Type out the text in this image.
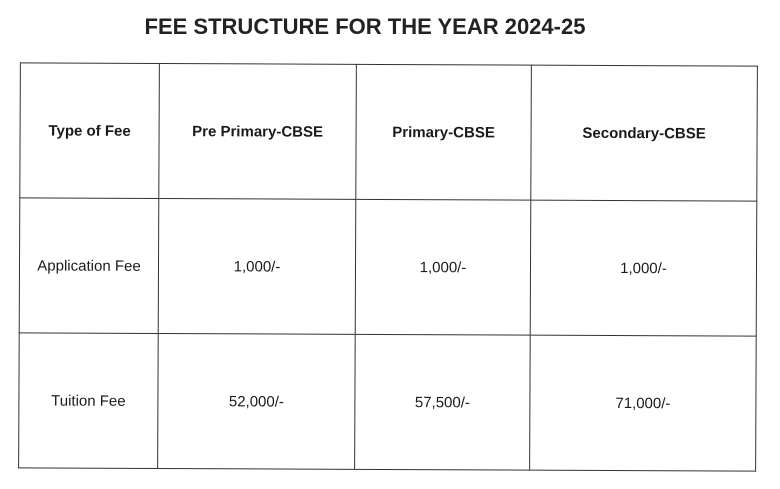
FEE STRUCTURE FOR THE YEAR 2024-25
Type of Fee	Pre Primary-CBSE	Primary-CBSE	Secondary-CBSE
Application Fee	1,000/-	1,000/-	1,000/-
Tuition Fee	52,000/-	57,500/-	71,000/-
